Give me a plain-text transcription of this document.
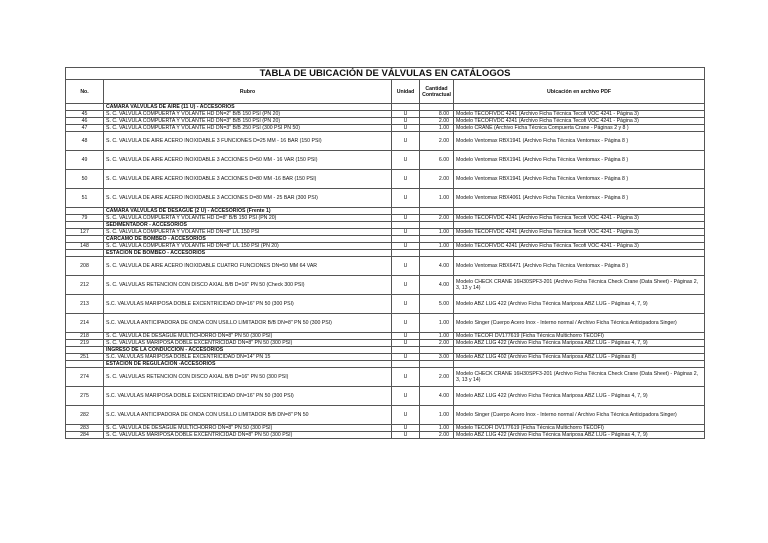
TABLA DE UBICACIÓN DE VÁLVULAS EN CATÁLOGOS				
No.	Rubro	Unidad	Cantidad Contractual	Ubicación en archivo PDF
	CAMARA VALVULAS DE AIRE (11 U) - ACCESORIOS			
45	S. C. VALVULA COMPUERTA Y VOLANTE HD DN=2" B/B 150 PSI (PN 20)	U	8.00	Modelo TECOFIVDC 4241 (Archivo Ficha Técnica Tecofi VOC 4241 - Página 3)
46	S. C. VALVULA COMPUERTA Y VOLANTE HD DN=3" B/B 150 PSI (PN 20)	U	2.00	Modelo TECOFIVDC 4241 (Archivo Ficha Técnica Tecofi VOC 4241 - Página 3)
47	S. C. VALVULA COMPUERTA Y VOLANTE HD DN=3" B/B 250 PSI (300 PSI PN 50)	U	1.00	Modelo CRANE (Archivo Ficha Técnica Compuerta Crane - Páginas 2 y 8 )
48	S. C. VALVULA DE AIRE ACERO INOXIDABLE 3 FUNCIONES D=25 MM - 16 BAR (150 PSI)	U	2.00	Modelo Ventomax RBX1941 (Archivo Ficha Técnica Ventomax - Página 8 )
49	S. C. VALVULA DE AIRE ACERO INOXIDABLE 3 ACCIONES D=50 MM - 16 VAR (150 PSI)	U	6.00	Modelo Ventomax RBX1941 (Archivo Ficha Técnica Ventomax - Página 8 )
50	S. C. VALVULA DE AIRE ACERO INOXIDABLE 3 ACCIONES D=80 MM -16 BAR (150 PSI)	U	2.00	Modelo Ventomax RBX1941 (Archivo Ficha Técnica Ventomax - Página 8 )
51	S. C. VALVULA DE AIRE ACERO INOXIDABLE 3 ACCIONES D=80 MM - 25 BAR (300 PSI)	U	1.00	Modelo Ventomax RBX4061 (Archivo Ficha Técnica Ventomax - Página 8 )
	CAMARA VALVULAS DE DESAGUE (2 U) - ACCESORIOS (Frente 1)			
79	S. C. VALVULA COMPUERTA Y VOLANTE HD D=8" B/B 150 PSI (PN 20)	U	2.00	Modelo TECOFIVDC 4241 (Archivo Ficha Técnica Tecofi VOC 4241 - Página 3)
	SEDIMENTADOR - ACCESORIOS			
127	S. C. VALVULA COMPUERTA Y VOLANTE HD DN=8" L/L 150 PSI	U	1.00	Modelo TECOFIVDC 4241 (Archivo Ficha Técnica Tecofi VOC 4241 - Página 3)
	CARCAMO DE BOMBEO - ACCESORIOS			
148	S. C. VALVULA COMPUERTA Y VOLANTE HD DN=8" L/L 150 PSI (PN 20)	U	1.00	Modelo TECOFIVDC 4241 (Archivo Ficha Técnica Tecofi VOC 4241 - Página 3)
	ESTACION DE BOMBEO - ACCESORIOS			
208	S. C. VALVULA DE AIRE ACERO INOXIDABLE CUATRO FUNCIONES DN=50 MM 64 VAR	U	4.00	Modelo Ventomax RBX6471 (Archivo Ficha Técnica Ventomax - Página 8 )
212	S. C. VALVULAS RETENCION CON DISCO AXIAL B/B D=16" PN 50 (Check 300 PSI)	U	4.00	Modelo CHECK CRANE 16H30SPF3-201 (Archivo Ficha Técnica Check Crane (Data Sheet) - Páginas 2, 3, 13 y 14)
213	S.C. VALVULAS MARIPOSA DOBLE EXCENTRICIDAD DN=16" PN 50 (300 PSI)	U	5.00	Modelo ABZ LUG 422 (Archivo Ficha Técnica Mariposa ABZ LUG - Páginas 4, 7, 9)
214	S.C. VALVULA ANTICIPADORA DE ONDA CON USILLO LIMITADOR B/B DN=8" PN 50 (300 PSI)	U	1.00	Modelo Singer (Cuerpo Acero Inox - Interno normal / Archivo Ficha Técnica Anticipadora Singer)
218	S. C. VALVULA DE DESAGUE MULTICHORRO DN=8" PN 50 (300 PSI)	U	1.00	Modelo TECOFI DV177619 (Ficha Técnica Multichorro TECOFI)
219	S. C. VALVULAS MARIPOSA DOBLE EXCENTRICIDAD DN=8" PN 50 (300 PSI)	U	2.00	Modelo ABZ LUG 422 (Archivo Ficha Técnica Mariposa ABZ LUG - Páginas 4, 7, 9)
	INGRESO DE LA CONDUCCION - ACCESORIOS			
251	S.C. VALVULAS MARIPOSA DOBLE EXCENTRICIDAD DN=14" PN 15	U	3.00	Modelo ABZ LUG 402 (Archivo Ficha Técnica Mariposa ABZ LUG - Páginas 8)
	ESTACION DE REGULACION -ACCESORIOS			
274	S. C. VALVULAS RETENCION CON DISCO AXIAL B/B D=16" PN 50 (300 PSI)	U	2.00	Modelo CHECK CRANE 16H30SPF3-201 (Archivo Ficha Técnica Check Crane (Data Sheet) - Páginas 2, 3, 13 y 14)
275	S.C. VALVULAS MARIPOSA DOBLE EXCENTRICIDAD DN=16" PN 50 (300 PSI)	U	4.00	Modelo ABZ LUG 422 (Archivo Ficha Técnica Mariposa ABZ LUG - Páginas 4, 7, 9)
282	S.C. VALVULA ANTICIPADORA DE ONDA CON USILLO LIMITADOR B/B DN=8" PN 50	U	1.00	Modelo Singer (Cuerpo Acero Inox - Interno normal / Archivo Ficha Técnica Anticipadora Singer)
283	S. C. VALVULA DE DESAGUE MULTICHORRO DN=8" PN 50 (300 PSI)	U	1.00	Modelo TECOFI DV177619 (Ficha Técnica Multichorro TECOFI)
284	S. C. VALVULAS MARIPOSA DOBLE EXCENTRICIDAD DN=8" PN 50 (300 PSI)	U	2.00	Modelo ABZ LUG 422 (Archivo Ficha Técnica Mariposa ABZ LUG - Páginas 4, 7, 9)
